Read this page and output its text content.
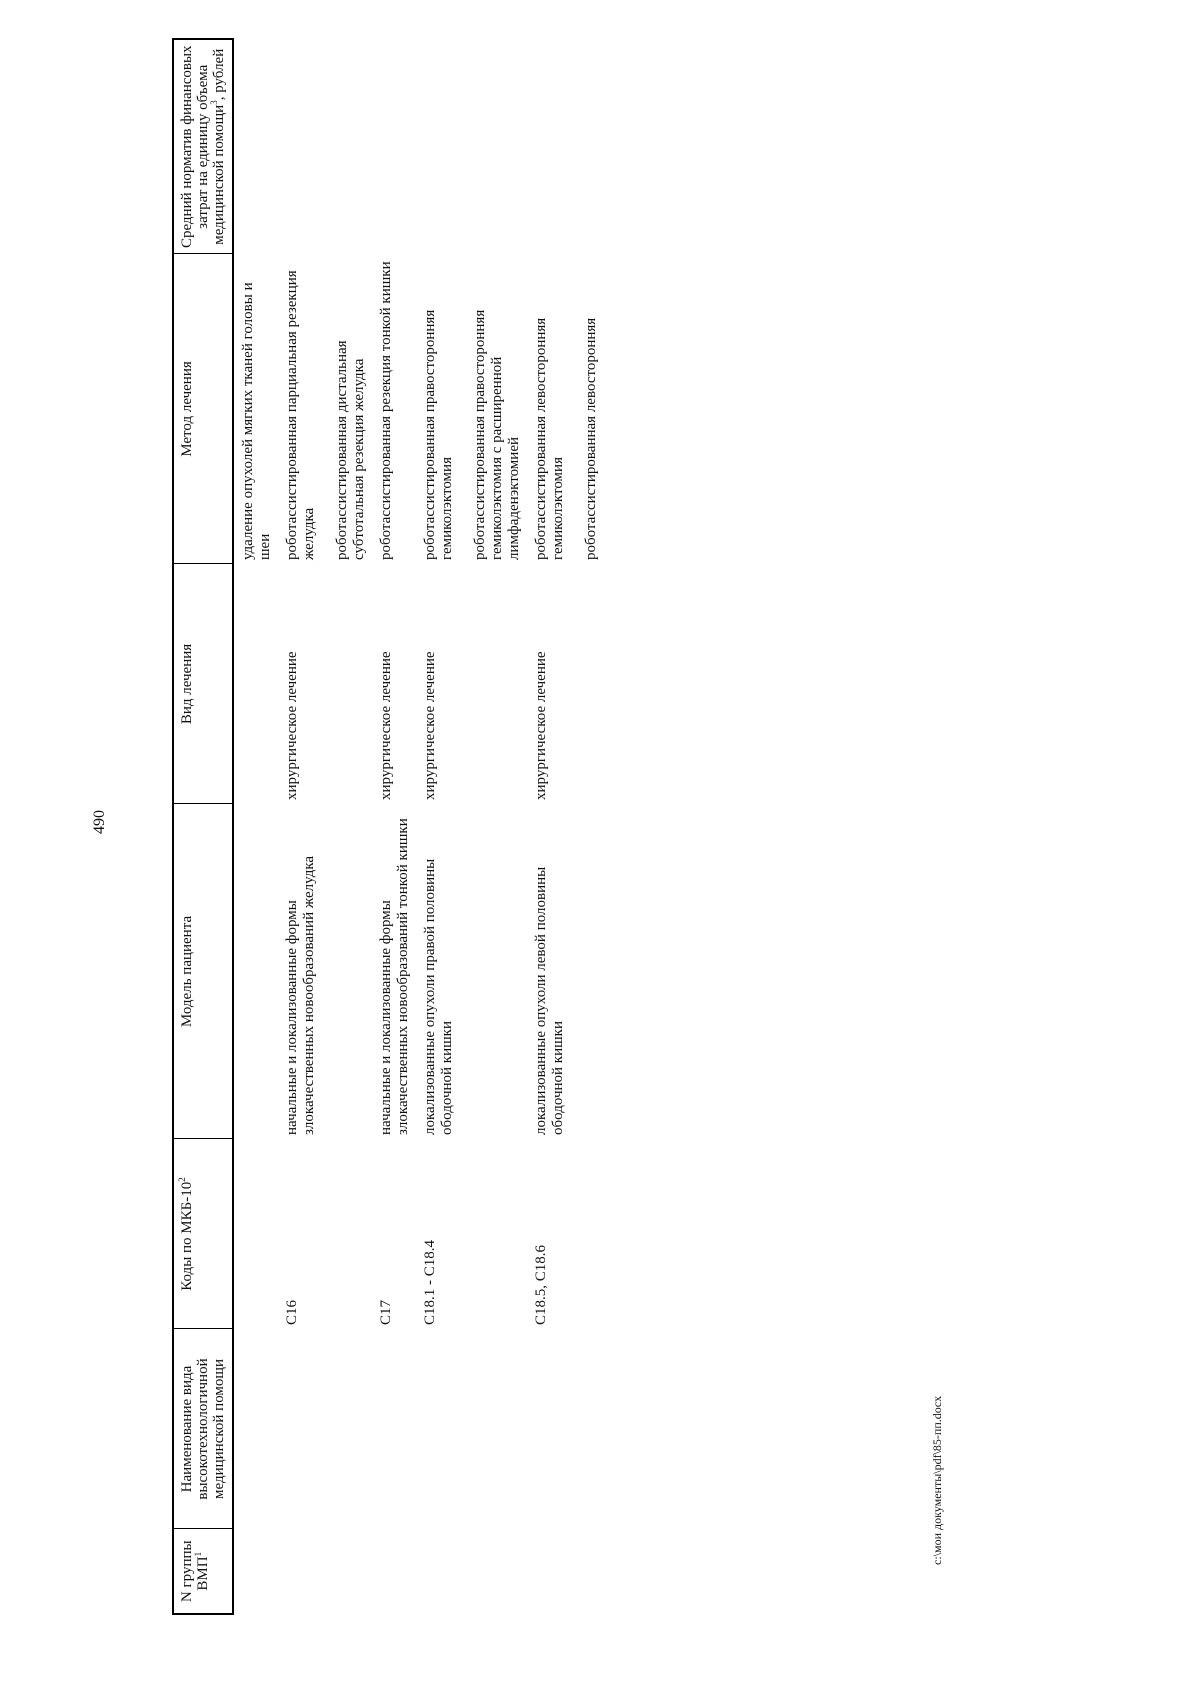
490
N группы ВМП$^1$	Наименование вида высокотехнологичной медицинской помощи	Коды по МКБ-$10^2$	Модель пациента	Вид лечения	Метод лечения	Средний норматив финансовых затрат на единицу объема медицинской помощи$^3$, рублей

					удаление опухолей мягких тканей головы и шеи	

		C16	начальные и локализованные формы злокачественных новообразований желудка	хирургическое лечение	роботассистированная парциальная резекция желудка роботассистированная дистальная субтотальная резекция желудка	

		C17	начальные и локализованные формы злокачественных новообразований тонкой кишки	хирургическое лечение	роботассистированная резекция тонкой кишки	

		C18.1 - C18.4	локализованные опухоли правой половины ободочной кишки	хирургическое лечение	роботассистированная правосторонняя гемиколэктомия роботассистированная правосторонняя гемиколэктомия с расширенной лимфаденэктомией	

		C18.5, C18.6	локализованные опухоли левой половины ободочной кишки	хирургическое лечение	роботассистированная левосторонняя гемиколэктомия роботассистированная левосторонняя	

c:\мои документы\pdf\85-пп.docx
